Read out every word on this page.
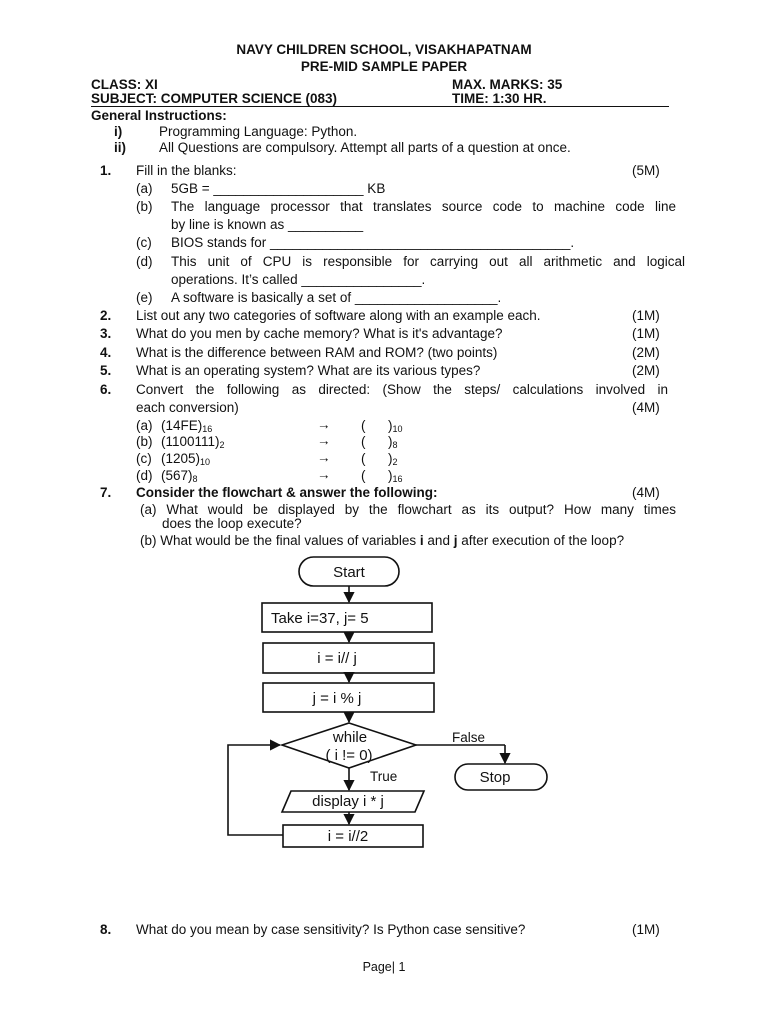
NAVY CHILDREN SCHOOL, VISAKHAPATNAM
PRE-MID SAMPLE PAPER
CLASS: XI	MAX. MARKS: 35
SUBJECT: COMPUTER SCIENCE (083)	TIME: 1:30 HR.
General Instructions:
i)	Programming Language: Python.
ii) All Questions are compulsory. Attempt all parts of a question at once.
1. Fill in the blanks:	(5M)
(a) 5GB = ____________________ KB
(b) The language processor that translates source code to machine code line
by line is known as __________
(c) BIOS stands for ________________________________________.
(d) This unit of CPU is responsible for carrying out all arithmetic and logical
operations. It’s called ________________.
(e) A software is basically a set of ___________________.
2. List out any two categories of software along with an example each.	(1M)
3. What do you men by cache memory? What is it's advantage?	(1M)
4. What is the difference between RAM and ROM? (two points)	(2M)
5. What is an operating system? What are its various types?	(2M)
6. Convert the following as directed: (Show the steps/ calculations involved in
each conversion)	(4M)
(a) $(14FE)_{16}$	→ ( )$_{10}$
(b) $(1100111)_2$	→ ( )$_8$
(c) $(1205)_{10}$	→ ( )$_2$
(d) $(567)_8$	→ ( )$_{16}$
7. Consider the flowchart & answer the following:	(4M)
(a) What would be displayed by the flowchart as its output? How many times
does the loop execute?
(b) What would be the final values of variables i and j after execution of the loop?
Start
Take i=37, j= 5
i = i// j
j = i % j
while
( i != 0)
False
True	Stop
display i * j
i = i//2
8. What do you mean by case sensitivity? Is Python case sensitive?	(1M)
Page| 1
